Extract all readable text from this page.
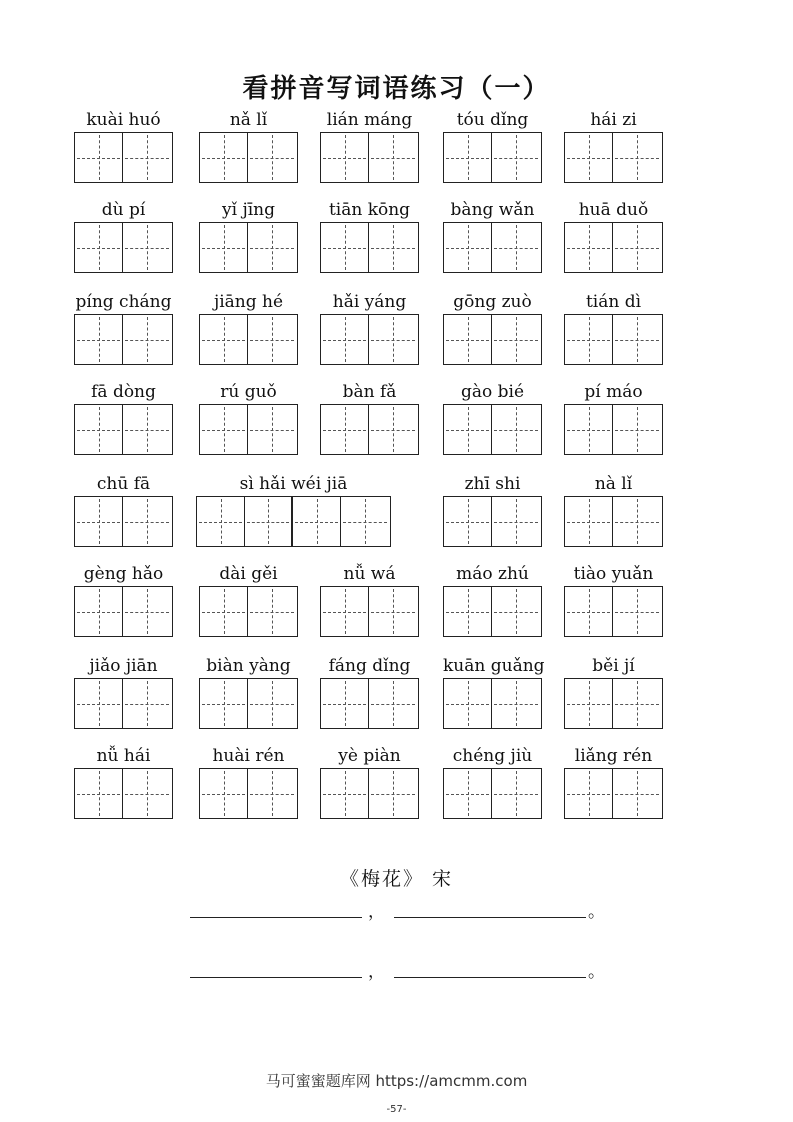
看拼音写词语练习（一）
kuài huó	nǎ lǐ	lián máng	tóu dǐng	hái zi
dù pí	yǐ jīng	tiān kōng	bàng wǎn	huā duǒ
píng cháng	jiāng hé	hǎi yáng	gōng zuò	tián dì
fā dòng	rú guǒ	bàn fǎ	gào bié	pí máo
chū fā	sì hǎi wéi jiā	zhī shi	nà lǐ
gèng hǎo	dài gěi	nǚ wá	máo zhú	tiào yuǎn
jiǎo jiān	biàn yàng	fáng dǐng	kuān guǎng	běi jí
nǚ hái	huài rén	yè piàn	chéng jiù	liǎng rén
《梅花》 宋
，	。
，	。
马可蜜蜜题库网 https://amcmm.com
-57-
